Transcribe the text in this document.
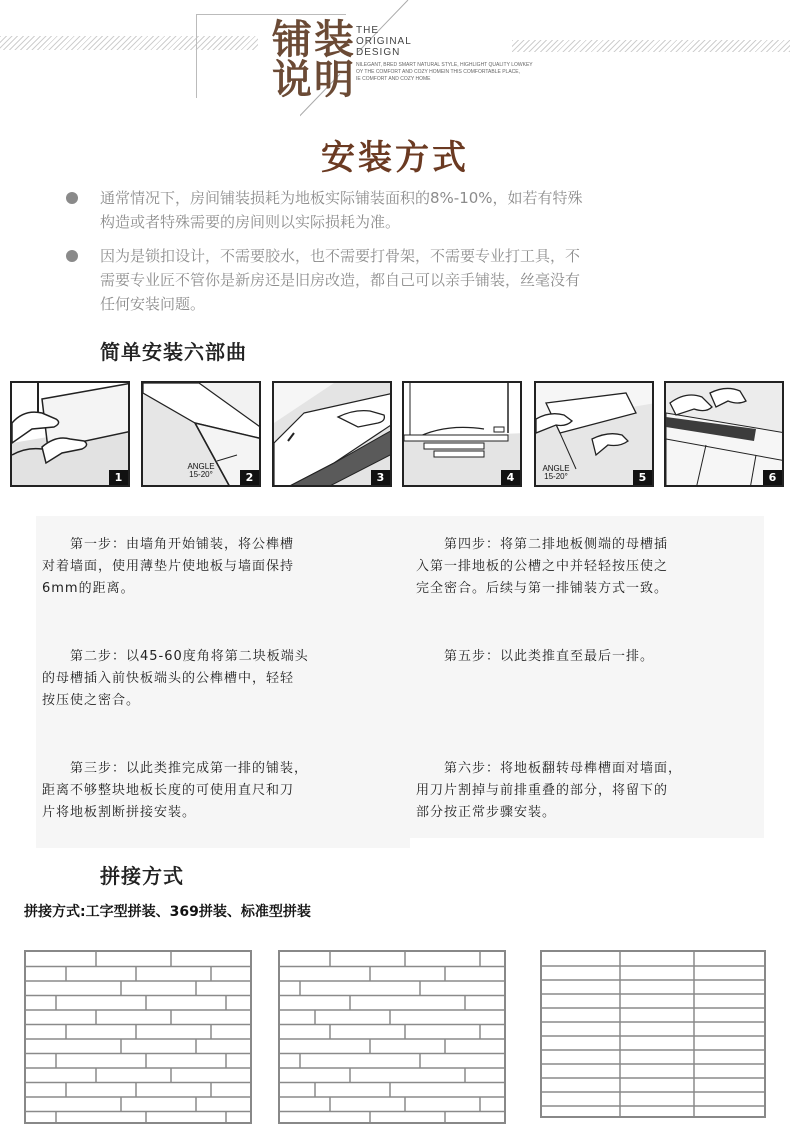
铺装
说明
THE
ORIGINAL
DESIGN
NILEGANT, BRED SMART NATURAL STYLE, HIGHLIGHT QUALITY LOWKEY
OY THE COMFORT AND COZY HOMEIN THIS COMFORTABLE PLACE,
IE COMFORT AND COZY HOME
安装方式
通常情况下，房间铺装损耗为地板实际铺装面积的8%-10%，如若有特殊
构造或者特殊需要的房间则以实际损耗为准。
因为是锁扣设计，不需要胶水，也不需要打骨架，不需要专业打工具，不
需要专业匠不管你是新房还是旧房改造，都自己可以亲手铺装，丝毫没有
任何安装问题。
简单安装六部曲
1
ANGLE
15-20°	2	3	4
ANGLE
15-20°	5	6
　　第一步：由墙角开始铺装，将公榫槽
对着墙面，使用薄垫片使地板与墙面保持
6mm的距离。
　　第二步：以45-60度角将第二块板端头
的母槽插入前快板端头的公榫槽中，轻轻
按压使之密合。
　　第三步：以此类推完成第一排的铺装，
距离不够整块地板长度的可使用直尺和刀
片将地板割断拼接安装。
　　第四步：将第二排地板侧端的母槽插
入第一排地板的公槽之中并轻轻按压使之
完全密合。后续与第一排铺装方式一致。
　　第五步：以此类推直至最后一排。
　　第六步：将地板翻转母榫槽面对墙面，
用刀片割掉与前排重叠的部分，将留下的
部分按正常步骤安装。
拼接方式
拼接方式:工字型拼装、369拼装、标准型拼装
